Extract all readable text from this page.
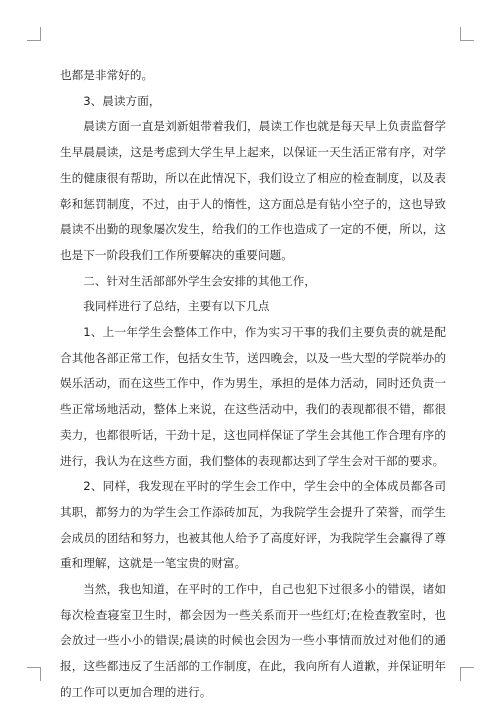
也都是非常好的。

3、晨读方面，

晨读方面一直是刘新姐带着我们，晨读工作也就是每天早上负责监督学生早晨晨读，这是考虑到大学生早上起来，以保证一天生活正常有序，对学生的健康很有帮助，所以在此情况下，我们设立了相应的检查制度，以及表彰和惩罚制度，不过，由于人的惰性，这方面总是有钻小空子的，这也导致晨读不出勤的现象屡次发生，给我们的工作也造成了一定的不便，所以，这也是下一阶段我们工作所要解决的重要问题。

二、针对生活部部外学生会安排的其他工作，

我同样进行了总结，主要有以下几点

1、上一年学生会整体工作中，作为实习干事的我们主要负责的就是配合其他各部正常工作，包括女生节，送四晚会，以及一些大型的学院举办的娱乐活动，而在这些工作中，作为男生，承担的是体力活动，同时还负责一些正常场地活动，整体上来说，在这些活动中，我们的表现都很不错，都很卖力，也都很听话，干劲十足，这也同样保证了学生会其他工作合理有序的进行，我认为在这些方面，我们整体的表现都达到了学生会对干部的要求。

2、同样，我发现在平时的学生会工作中，学生会中的全体成员都各司其职，都努力的为学生会工作添砖加瓦，为我院学生会提升了荣誉，而学生会成员的团结和努力，也被其他人给予了高度好评，为我院学生会赢得了尊重和理解，这就是一笔宝贵的财富。

当然，我也知道，在平时的工作中，自己也犯下过很多小的错误，诸如每次检查寝室卫生时，都会因为一些关系而开一些红灯;在检查教室时，也会放过一些小小的错误;晨读的时候也会因为一些小事情而放过对他们的通报，这些都违反了生活部的工作制度，在此，我向所有人道歉，并保证明年的工作可以更加合理的进行。
